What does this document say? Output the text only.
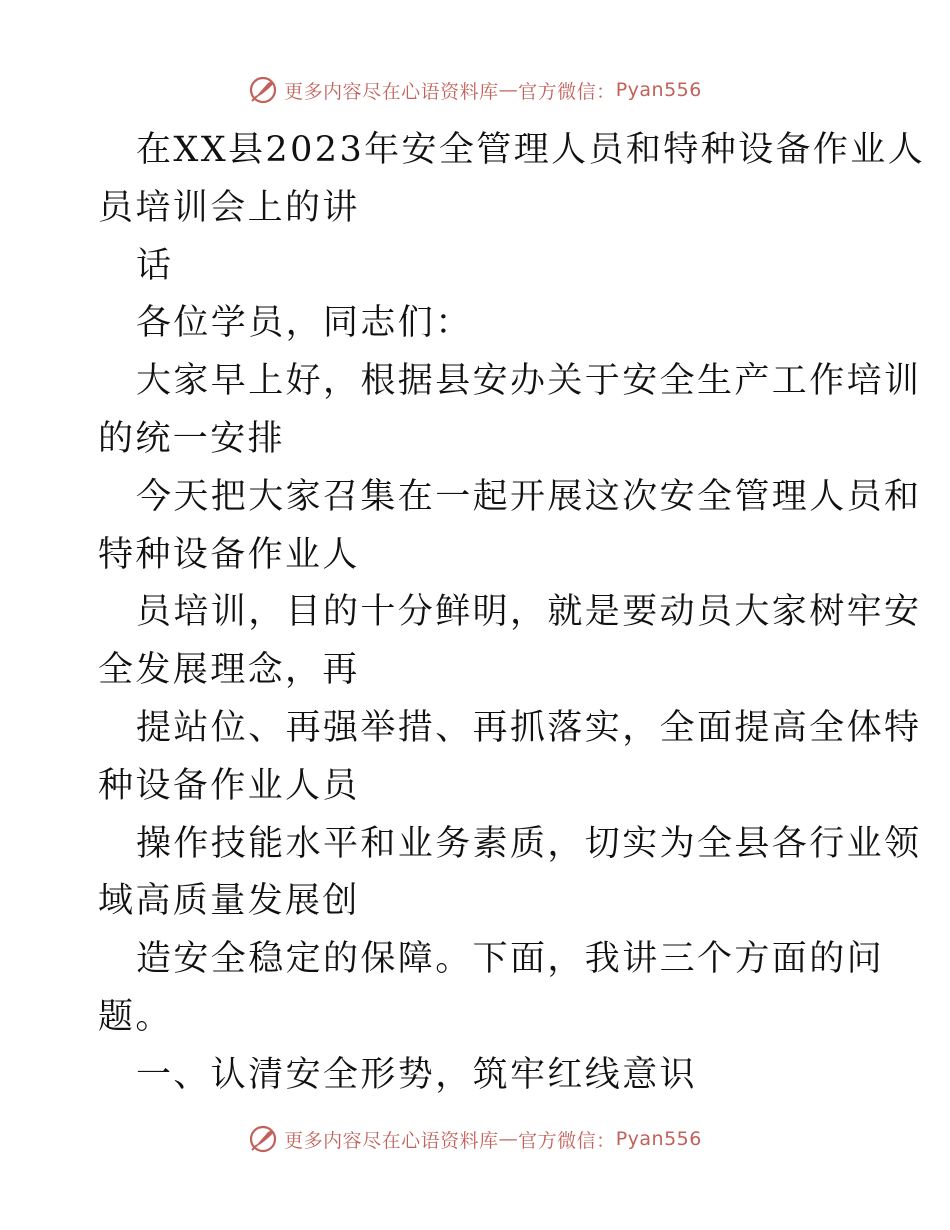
更多内容尽在心语资料库 — 官方微信： Pyan556
在XX县2023年安全管理人员和特种设备作业人
员培训会上的讲
话
各位学员，同志们：
大家早上好，根据县安办关于安全生产工作培训
的统一安排
今天把大家召集在一起开展这次安全管理人员和
特种设备作业人
员培训，目的十分鲜明，就是要动员大家树牢安
全发展理念，再
提站位、再强举措、再抓落实，全面提高全体特
种设备作业人员
操作技能水平和业务素质，切实为全县各行业领
域高质量发展创
造安全稳定的保障。下面，我讲三个方面的问
题。
一、认清安全形势，筑牢红线意识
更多内容尽在心语资料库 — 官方微信： Pyan556
